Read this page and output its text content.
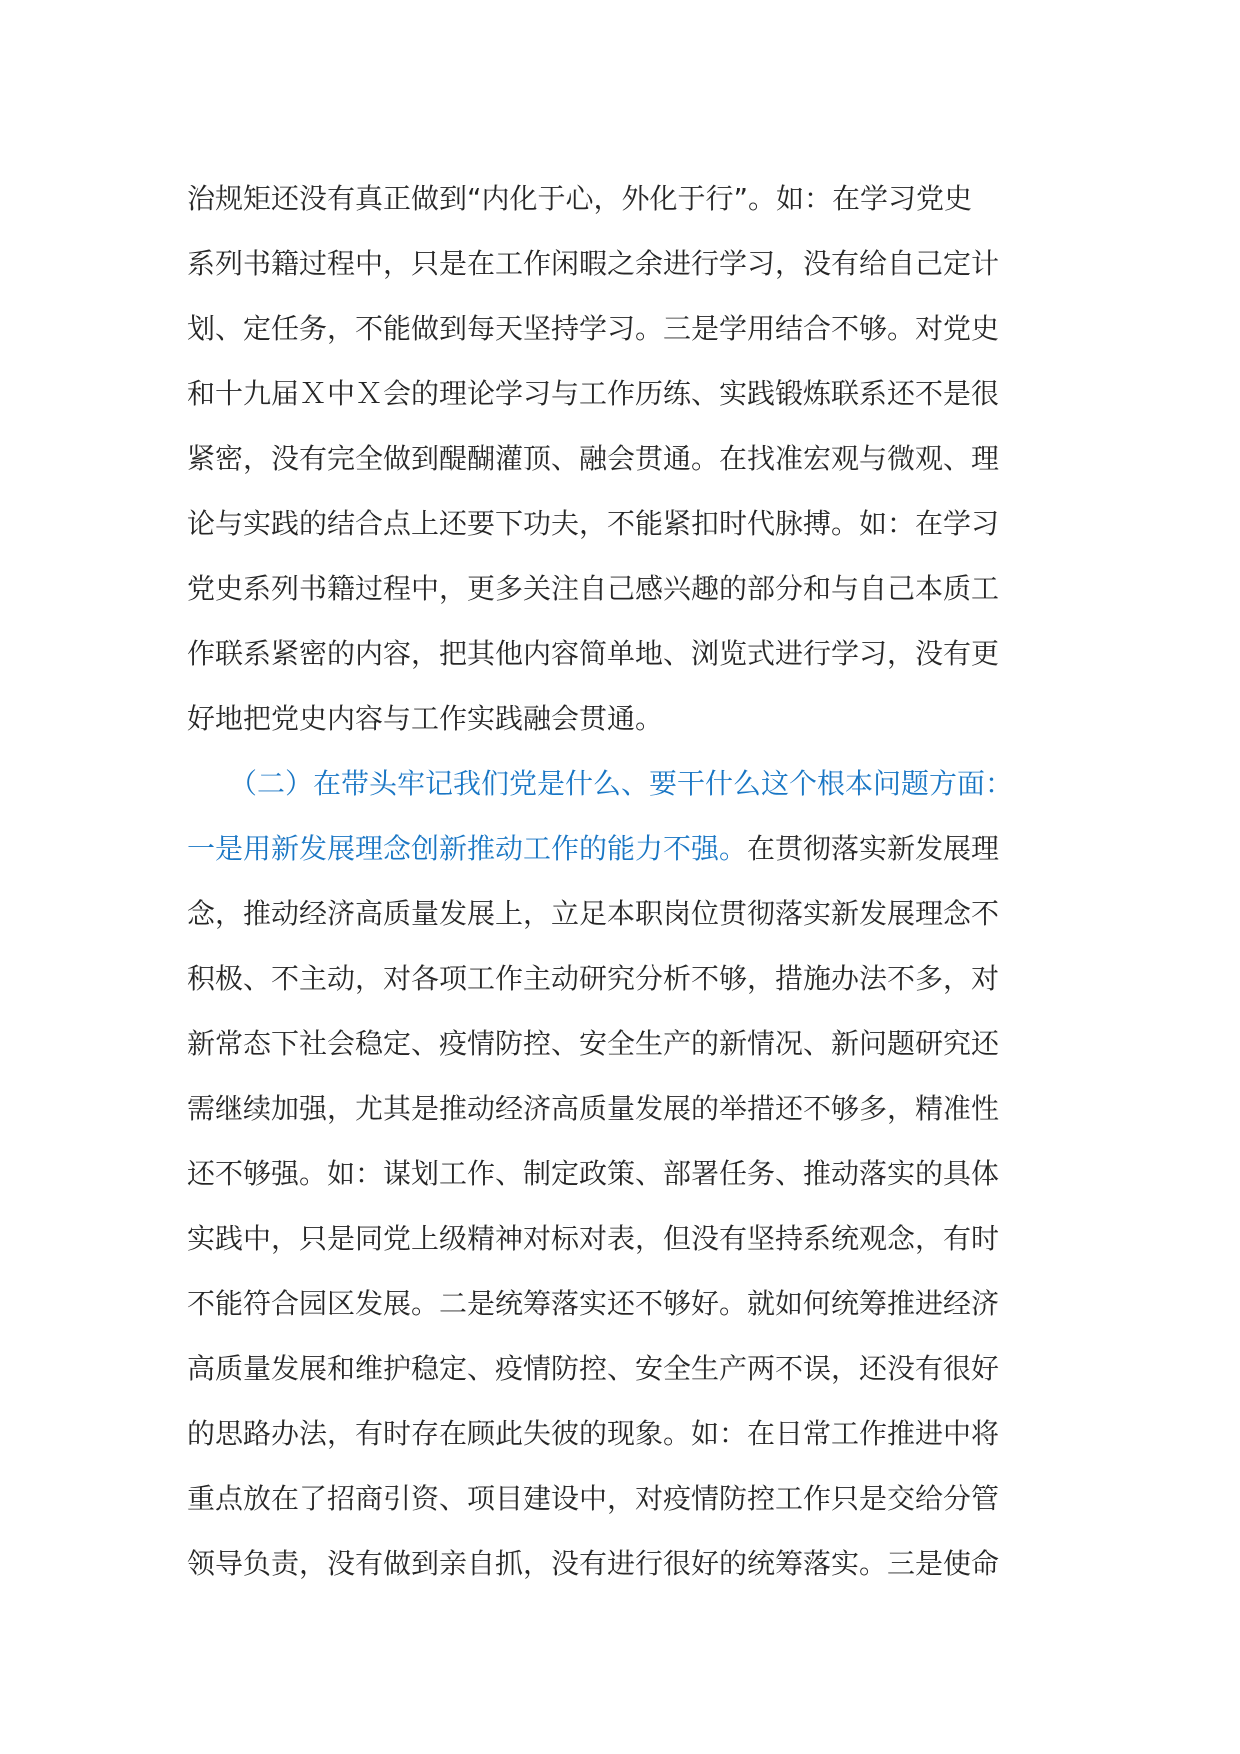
治规矩还没有真正做到“内化于心，外化于行”。如：在学习党史
系列书籍过程中，只是在工作闲暇之余进行学习，没有给自己定计
划、定任务，不能做到每天坚持学习。三是学用结合不够。对党史
和十九届Ｘ中Ｘ会的理论学习与工作历练、实践锻炼联系还不是很
紧密，没有完全做到醍醐灌顶、融会贯通。在找准宏观与微观、理
论与实践的结合点上还要下功夫，不能紧扣时代脉搏。如：在学习
党史系列书籍过程中，更多关注自己感兴趣的部分和与自己本质工
作联系紧密的内容，把其他内容简单地、浏览式进行学习，没有更
好地把党史内容与工作实践融会贯通。
　　（二）在带头牢记我们党是什么、要干什么这个根本问题方面：
一是用新发展理念创新推动工作的能力不强。在贯彻落实新发展理
念，推动经济高质量发展上，立足本职岗位贯彻落实新发展理念不
积极、不主动，对各项工作主动研究分析不够，措施办法不多，对
新常态下社会稳定、疫情防控、安全生产的新情况、新问题研究还
需继续加强，尤其是推动经济高质量发展的举措还不够多，精准性
还不够强。如：谋划工作、制定政策、部署任务、推动落实的具体
实践中，只是同党上级精神对标对表，但没有坚持系统观念，有时
不能符合园区发展。二是统筹落实还不够好。就如何统筹推进经济
高质量发展和维护稳定、疫情防控、安全生产两不误，还没有很好
的思路办法，有时存在顾此失彼的现象。如：在日常工作推进中将
重点放在了招商引资、项目建设中，对疫情防控工作只是交给分管
领导负责，没有做到亲自抓，没有进行很好的统筹落实。三是使命
